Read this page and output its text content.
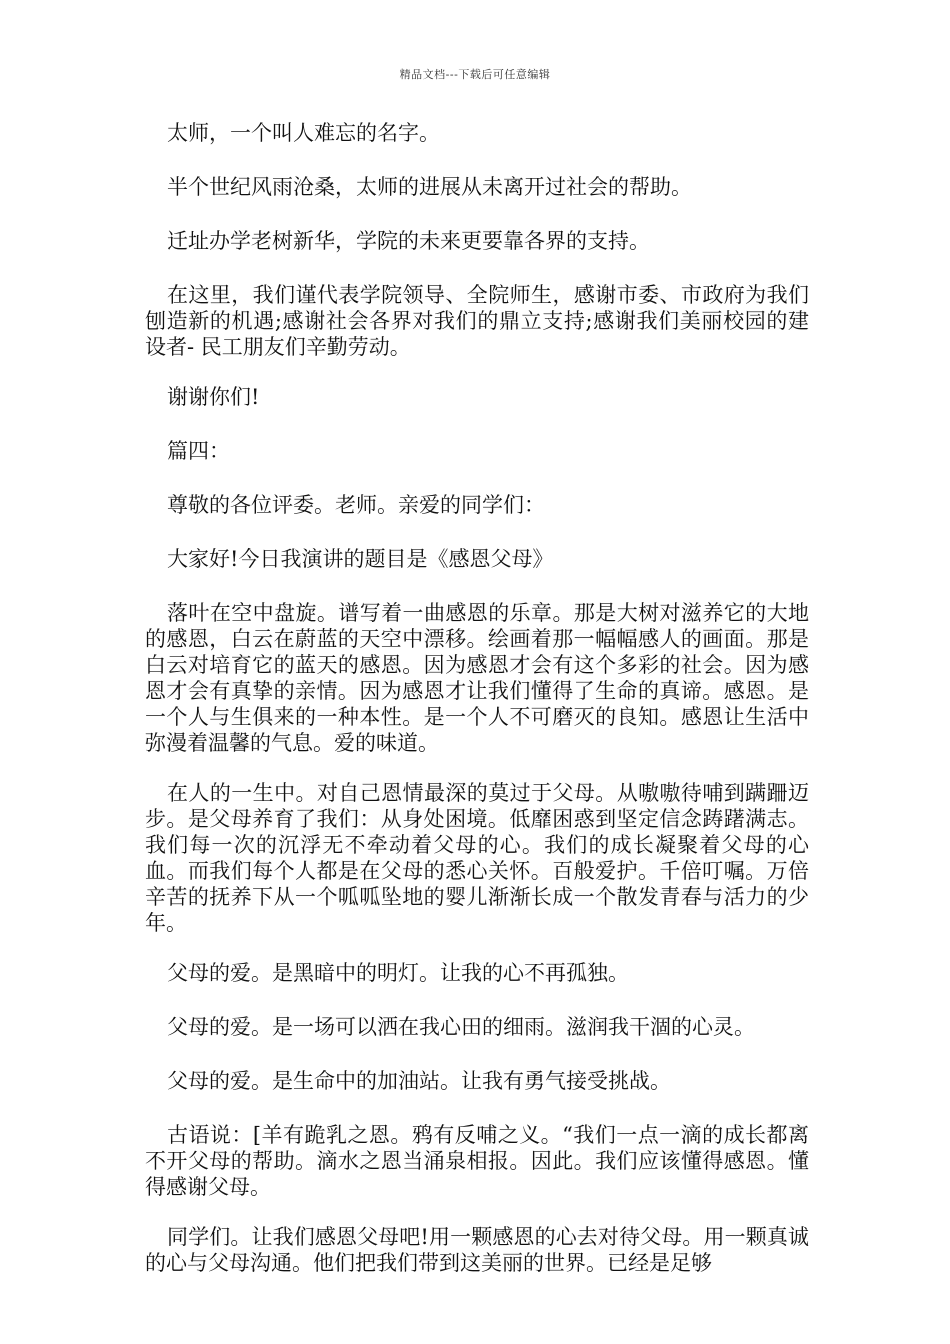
精品文档---下载后可任意编辑

太师，一个叫人难忘的名字。

半个世纪风雨沧桑，太师的进展从未离开过社会的帮助。

迁址办学老树新华，学院的未来更要靠各界的支持。

在这里，我们谨代表学院领导、全院师生，感谢市委、市政府为我们刨造新的机遇;感谢社会各界对我们的鼎立支持;感谢我们美丽校园的建设者- 民工朋友们辛勤劳动。

谢谢你们!

篇四：

尊敬的各位评委。老师。亲爱的同学们：

大家好!今日我演讲的题目是《感恩父母》

落叶在空中盘旋。谱写着一曲感恩的乐章。那是大树对滋养它的大地的感恩，白云在蔚蓝的天空中漂移。绘画着那一幅幅感人的画面。那是白云对培育它的蓝天的感恩。因为感恩才会有这个多彩的社会。因为感恩才会有真挚的亲情。因为感恩才让我们懂得了生命的真谛。感恩。是一个人与生俱来的一种本性。是一个人不可磨灭的良知。感恩让生活中弥漫着温馨的气息。爱的味道。

在人的一生中。对自己恩情最深的莫过于父母。从嗷嗷待哺到蹒跚迈步。是父母养育了我们：从身处困境。低靡困惑到坚定信念踌躇满志。我们每一次的沉浮无不牵动着父母的心。我们的成长凝聚着父母的心血。而我们每个人都是在父母的悉心关怀。百般爱护。千倍叮嘱。万倍辛苦的抚养下从一个呱呱坠地的婴儿渐渐长成一个散发青春与活力的少年。

父母的爱。是黑暗中的明灯。让我的心不再孤独。

父母的爱。是一场可以洒在我心田的细雨。滋润我干涸的心灵。

父母的爱。是生命中的加油站。让我有勇气接受挑战。

古语说：[羊有跪乳之恩。鸦有反哺之义。“我们一点一滴的成长都离不开父母的帮助。滴水之恩当涌泉相报。因此。我们应该懂得感恩。懂得感谢父母。

同学们。让我们感恩父母吧!用一颗感恩的心去对待父母。用一颗真诚的心与父母沟通。他们把我们带到这美丽的世界。已经是足够
